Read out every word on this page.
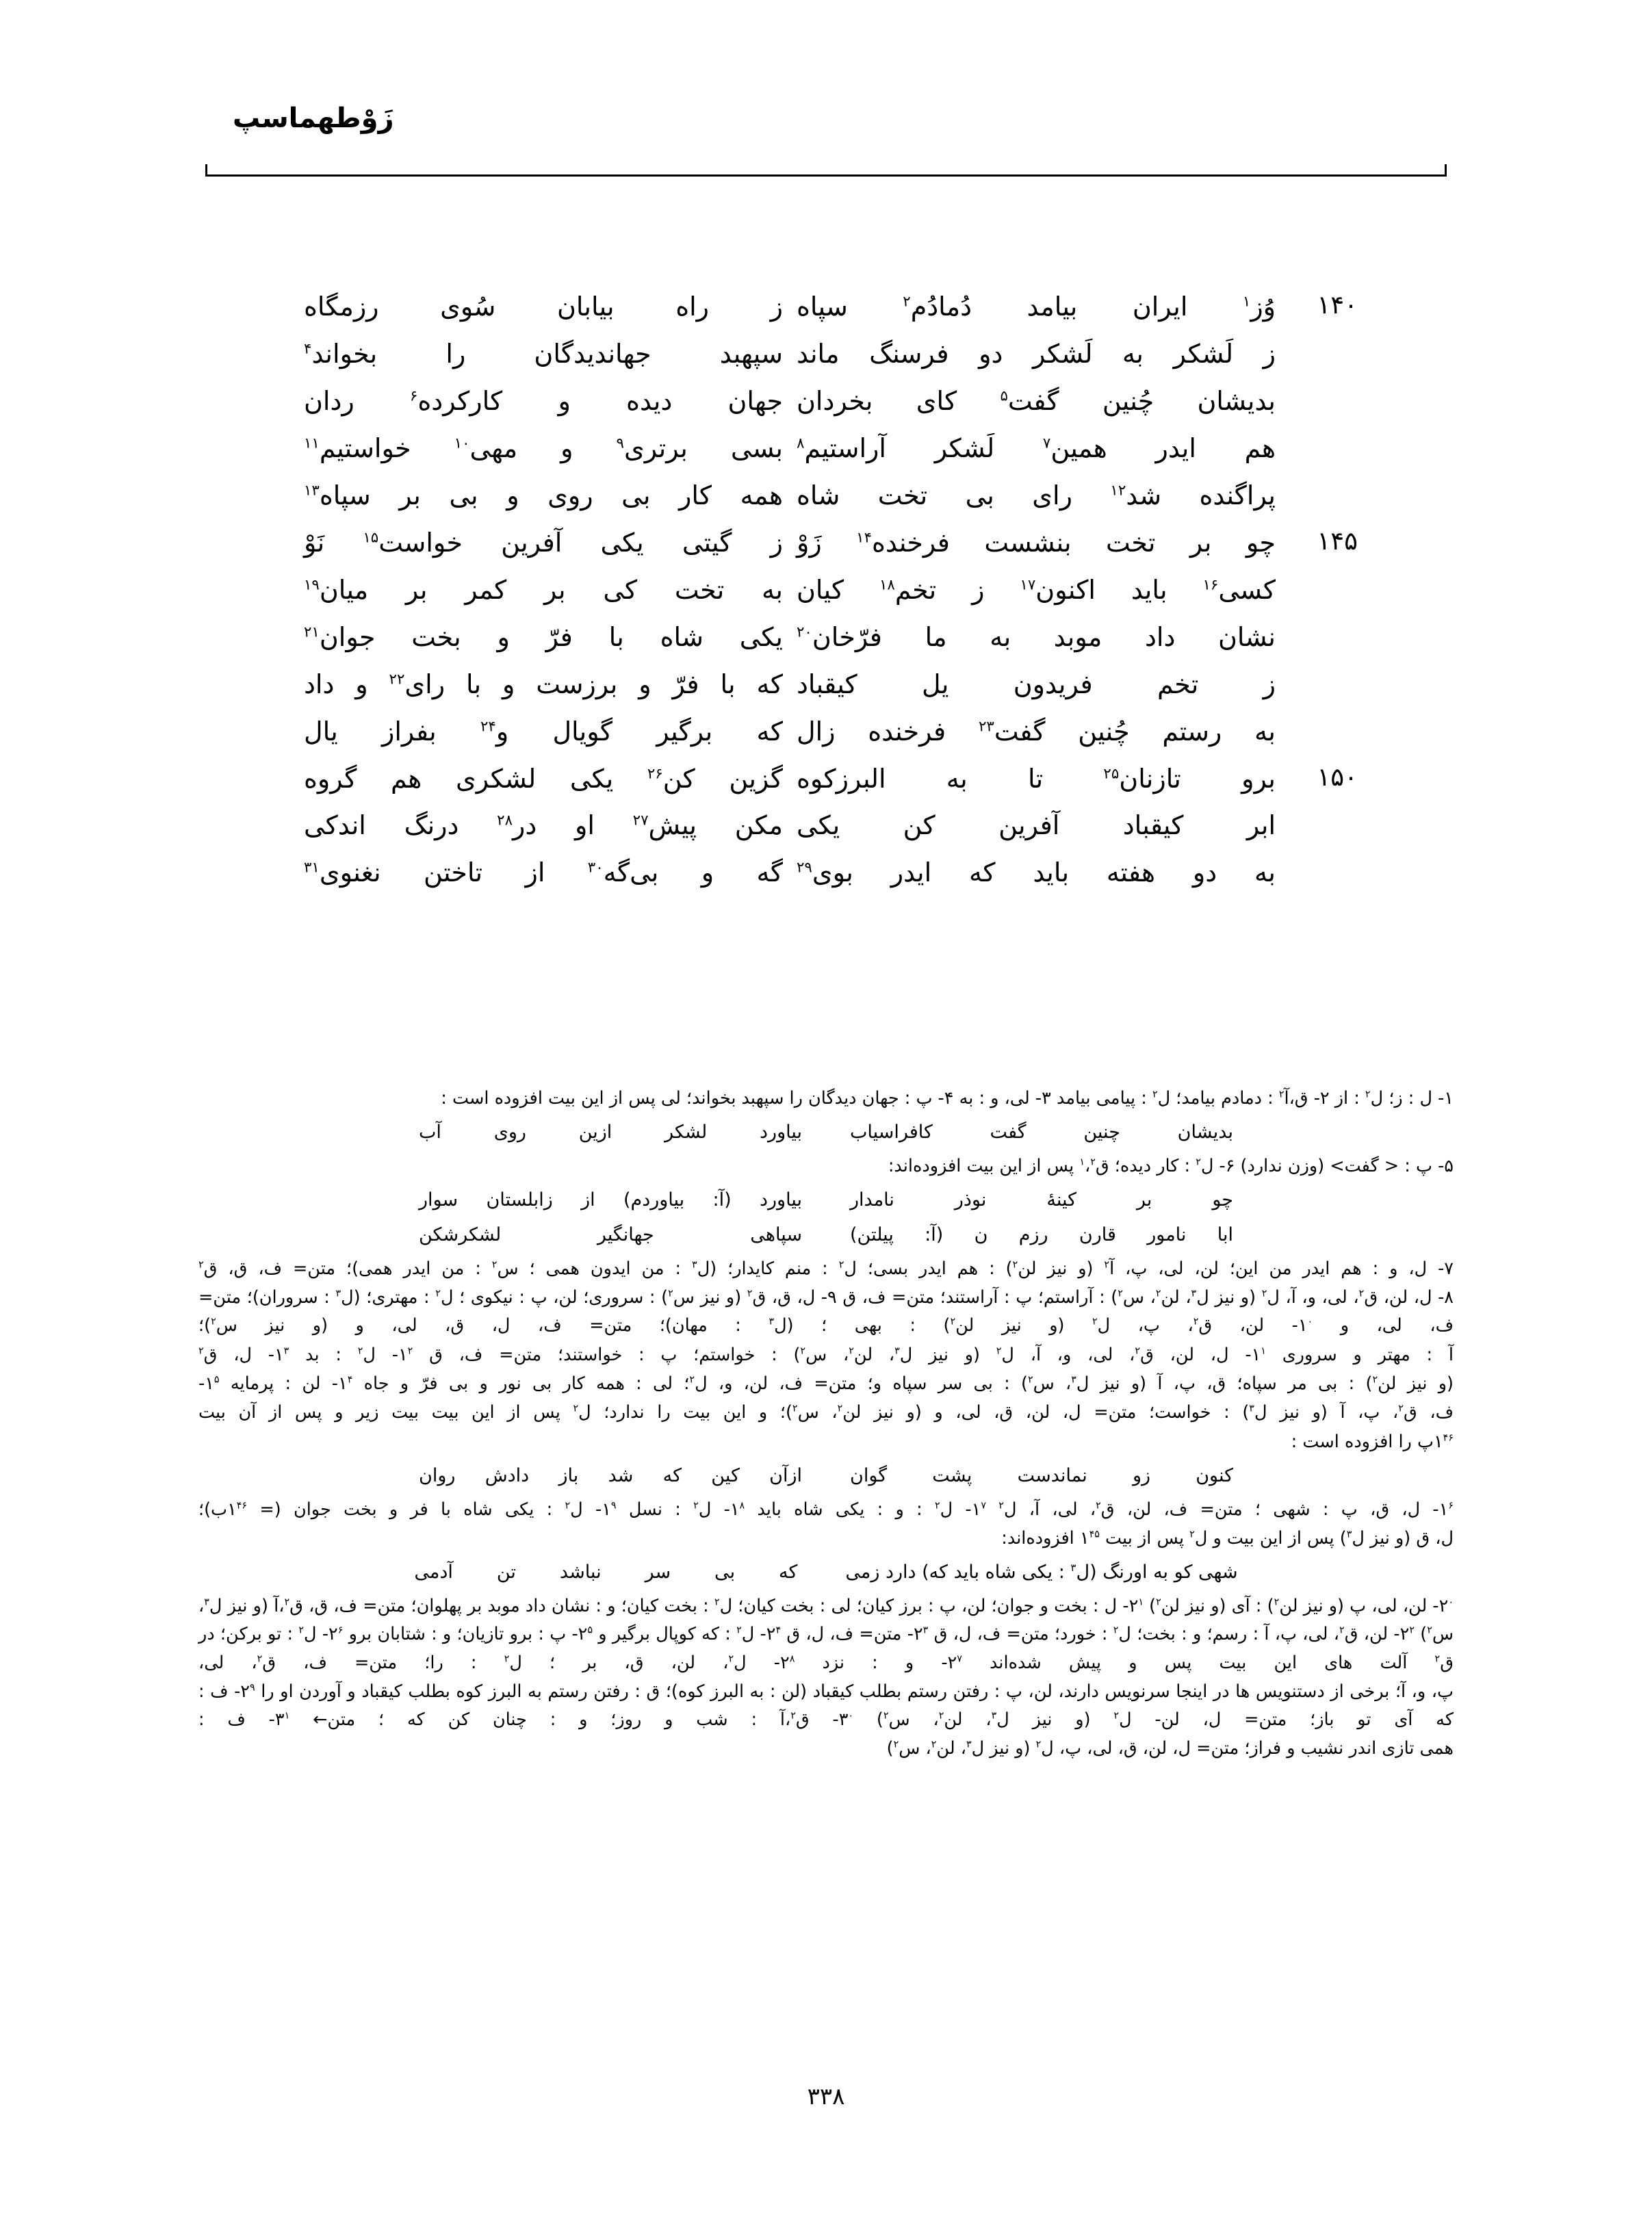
زَوْطهماسپ
۱۴۰
وُز$^۱$ ایران بیامد دُمادُم$^۲$ سپاه
ز راه بیابان سُوی رزمگاه
ز لَشکر به لَشکر دو فرسنگ ماند
سپهبد جهاندیدگان را بخواند$^۴$
بدیشان چُنین گفت$^۵$ کای بخردان
جهان دیده و کارکرده$^۶$ ردان
هم ایدر همین$^۷$ لَشکر آراستیم$^۸$
بسی برتری$^۹$ و مهی$^{۱۰}$ خواستیم$^{۱۱}$
پراگنده شد$^{۱۲}$ رای بی تخت شاه
همه کار بی روی و بی بر سپاه$^{۱۳}$
۱۴۵
چو بر تخت بنشست فرخنده$^{۱۴}$ زَوْ
ز گیتی یکی آفرین خواست$^{۱۵}$ نَوْ
کسی$^{۱۶}$ باید اکنون$^{۱۷}$ ز تخم$^{۱۸}$ کیان
به تخت کی بر کمر بر میان$^{۱۹}$
نشان داد موبد به ما فرّخان$^{۲۰}$
یکی شاه با فرّ و بخت جوان$^{۲۱}$
ز تخم فریدون یل کیقباد
که با فرّ و برزست و با رای$^{۲۲}$ و داد
به رستم چُنین گفت$^{۲۳}$ فرخنده زال
که برگیر گویال و$^{۲۴}$ بفراز یال
۱۵۰
برو تازنان$^{۲۵}$ تا به البرزکوه
گزین کن$^{۲۶}$ یکی لشکری هم گروه
ابر کیقباد آفرین کن یکی
مکن پیش$^{۲۷}$ او در$^{۲۸}$ درنگ اندکی
به دو هفته باید که ایدر بوی$^{۲۹}$
گه و بی‌گه$^{۳۰}$ از تاختن نغنوی$^{۳۱}$
۱- ل : ز؛ ل$^۲$ : از ۲- ق،آ$^۲$ : دمادم بیامد؛ ل$^۲$ : پیامی بیامد ۳- لی، و : به ۴- پ : جهان دیدگان را سپهبد بخواند؛ لی پس از این بیت افزوده است :
بدیشان چنین گفت کافراسیاب
بیاورد لشکر ازین روی آب
۵- پ : < گفت> (وزن ندارد) ۶- ل$^۲$ : کار دیده؛ ق$^۱$،$^۲$ پس از این بیت افزوده‌اند:
چو بر کینهٔ نوذر نامدار
بیاورد (آ: بیاوردم) از زابلستان سوار
ابا نامور قارن رزم ن (آ: پیلتن)
سپاهی جهانگیر لشکرشکن
۷- ل، و : هم ایدر من این؛ لن، لی، پ، آ$^۲$ (و نیز لن$^۲$) : هم ایدر بسی؛ ل$^۲$ : منم کایدار؛ (ل$^۳$ : من ایدون همی ؛ س$^۲$ : من ایدر همی)؛ متن= ف، ق، ق$^۲$
۸- ل، لن، ق$^۲$، لی، و، آ، ل$^۲$ (و نیز ل$^۳$، لن$^۲$، س$^۲$) : آراستم؛ پ : آراستند؛ متن= ف، ق ۹- ل، ق، ق$^۲$ (و نیز س$^۲$) : سروری؛ لن، پ : نیکوی ؛ ل$^۲$ : مهتری؛ (ل$^۳$ : سروران)؛ متن= ف، لی، و $۱^۰-$ لن، ق$^۲$، پ، ل$^۲$ (و نیز لن$^۲$) : بهی ؛ (ل$^۳$ : مهان)؛ متن= ف، ل، ق، لی، و (و نیز س$^۲$)؛
آ : مهتر و سروری $۱^۱-$ ل، لن، ق$^۲$، لی، و، آ، ل$^۲$ (و نیز ل$^۳$، لن$^۲$، س$^۲$) : خواستم؛ پ : خواستند؛ متن= ف، ق $۱^۲-$ ل$^۲$ : بد $۱^۳-$ ل، ق$^۲$
(و نیز لن$^۲$) : بی مر سپاه؛ ق، پ، آ (و نیز ل$^۳$، س$^۲$) : بی سر سپاه و؛ متن= ف، لن، و، ل$^۲$؛ لی : همه کار بی نور و بی فرّ و جاه $۱^۴-$ لن : پرمایه $۱^۵-$
ف، ق$^۲$، پ، آ (و نیز ل$^۳$) : خواست؛ متن= ل، لن، ق، لی، و (و نیز لن$^۲$، س$^۲$)؛ و این بیت را ندارد؛ ل$^۲$ پس از این بیت بیت زیر و پس از آن بیت
$۱^{۴۶}پ$ را افزوده است :
کنون زو نماندست پشت گوان
ازآن کین که شد باز دادش روان
$۱^۶-$ ل، ق، پ : شهی ؛ متن= ف، لن، ق$^۲$، لی، آ، ل$^۲$ $۱^۷-$ ل$^۲$ : و : یکی شاه باید $۱^۸-$ ل$^۲$ : نسل $۱^۹-$ ل$^۲$ : یکی شاه با فر و بخت جوان (= $۱^{۴۶}ب)؛$
ل، ق (و نیز ل$^۳$) پس از این بیت و ل$^۲$ پس از بیت $۱^{۴۵}$ افزوده‌اند:
شهی کو به اورنگ (ل$^۳$ : یکی شاه باید که) دارد زمی
که بی سر نباشد تن آدمی
$۲^۰-$ لن، لی، پ (و نیز لن$^۲$) : آی (و نیز لن$^۲$) $۲^۱-$ ل : بخت و جوان؛ لن، پ : برز کیان؛ لی : بخت کیان؛ ل$^۲$ : بخت کیان؛ و : نشان داد موبد بر پهلوان؛ متن= ف، ق، ق$^۲$،آ (و نیز ل$^۳$، س$^۲$) $۲^۲-$ لن، ق$^۲$، لی، پ، آ : رسم؛ و : بخت؛ ل$^۲$ : خورد؛ متن= ف، ل، ق $۲^۳-$ متن= ف، ل، ق $۲^۴-$ ل$^۲$ : که کوپال برگیر و $۲^۵-$ پ : برو تازیان؛ و : شتابان برو $۲^۶-$ ل$^۲$ : تو برکن؛ در ق$^۲$ آلت های این بیت پس و پیش شده‌اند $۲^۷-$ و : نزد $۲^۸-$ ل$^۲$، لن، ق، بر ؛ ل$^۲$ : را؛ متن= ف، ق$^۲$، لی،
پ، و، آ؛ برخی از دستنویس ها در اینجا سرنویس دارند، لن، پ : رفتن رستم بطلب کیقباد (لن : به البرز کوه)؛ ق : رفتن رستم به البرز کوه بطلب کیقباد و آوردن او را $۲^۹-$ ف : که آی تو باز؛ متن= ل، لن- ل$^۲$ (و نیز ل$^۳$، لن$^۲$، س$^۲$) $۳^۰-$ ق$^۲$،آ : شب و روز؛ و : چنان کن که ؛ متن← $۳^۱-$ ف :
همی تازی اندر نشیب و فراز؛ متن= ل، لن، ق، لی، پ، ل$^۲$ (و نیز ل$^۳$، لن$^۲$، س$^۲$)
۳۳۸
